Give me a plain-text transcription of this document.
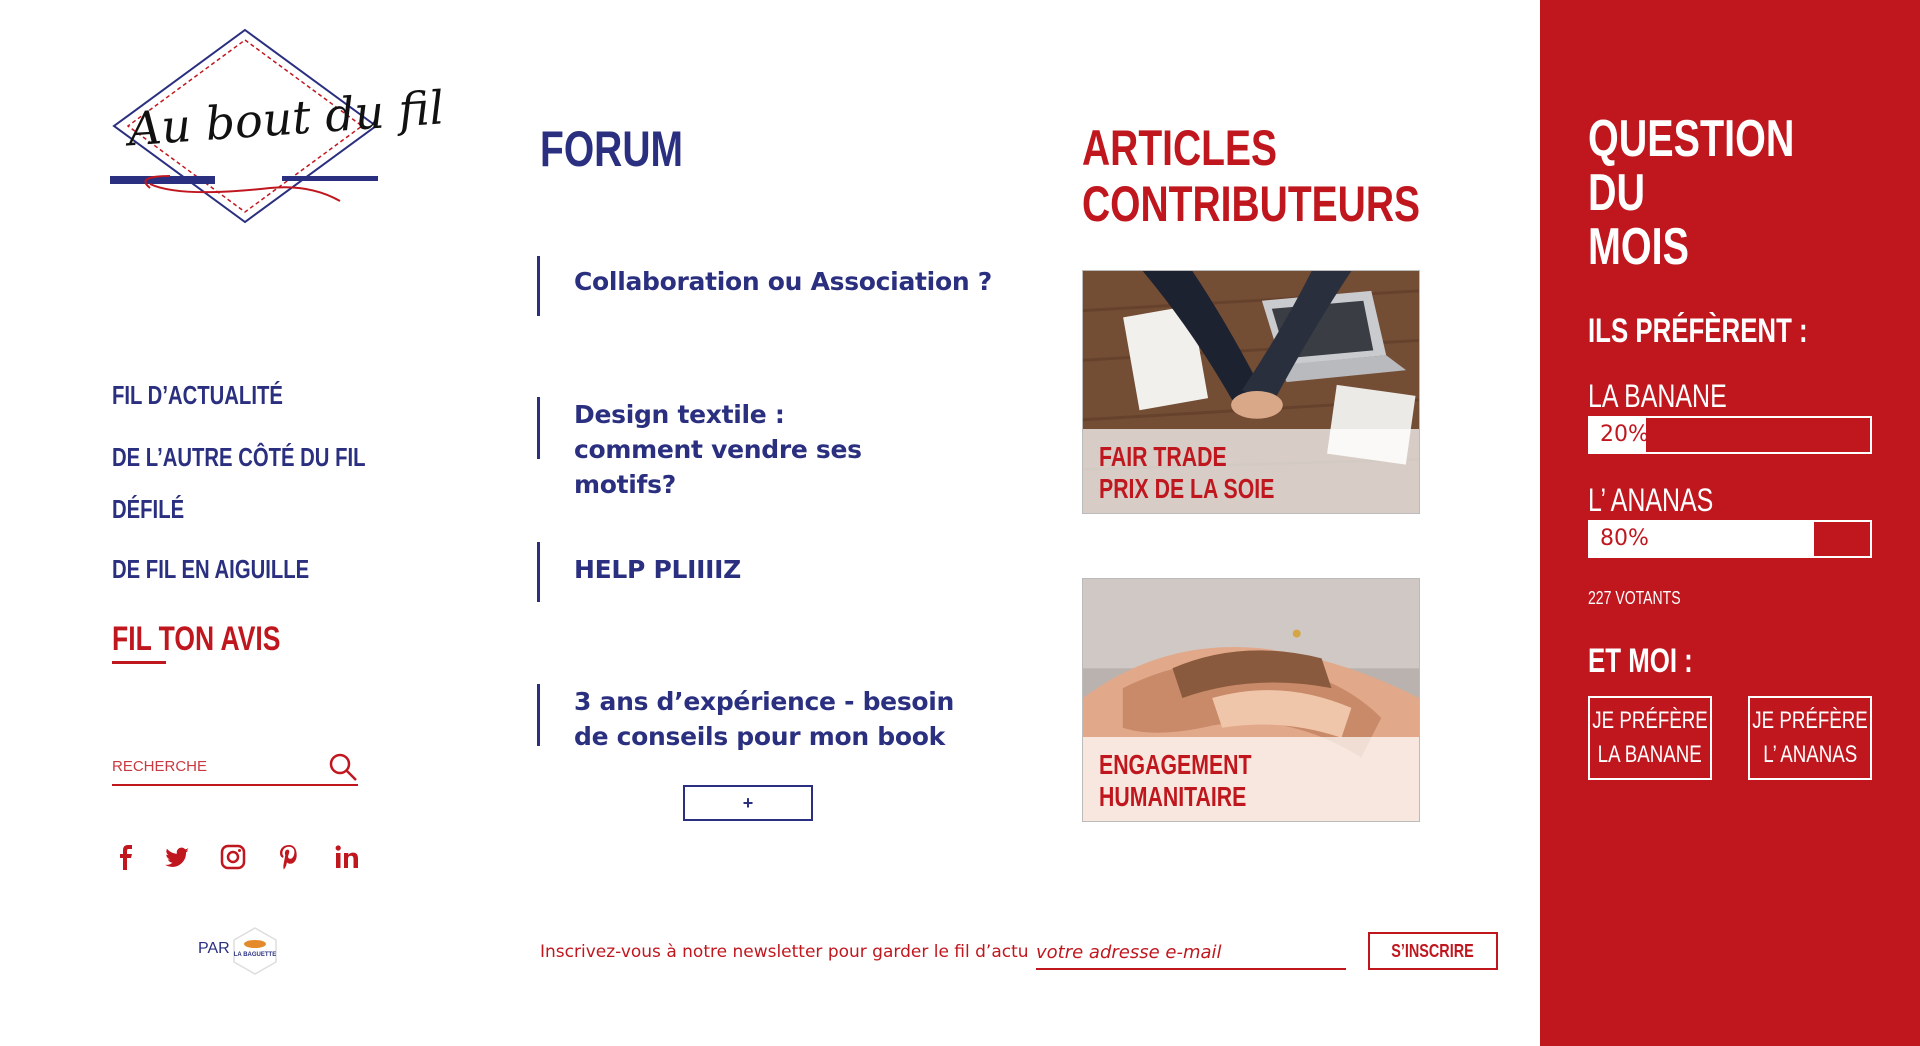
Au bout du fil
FIL D’ACTUALITÉ
DE L’AUTRE CÔTÉ DU FIL
DÉFILÉ
DE FIL EN AIGUILLE
FIL TON AVIS
RECHERCHE
PAR LA BAGUETTE
FORUM
Collaboration ou Association ?
Design textile : comment vendre ses motifs?
HELP PLIIIIZ
3 ans d’expérience - besoin de conseils pour mon book
+
ARTICLES
CONTRIBUTEURS
FAIR TRADE
PRIX DE LA SOIE
ENGAGEMENT
HUMANITAIRE
Inscrivez-vous à notre newsletter pour garder le fil d’actu
votre adresse e-mail	S’INSCRIRE
QUESTION
DU
MOIS
ILS PRÉFÈRENT :
LA BANANE
20%
L’ ANANAS
80%
227 VOTANTS
ET MOI :
JE PRÉFÈRE
LA BANANE
JE PRÉFÈRE
L’ ANANAS
